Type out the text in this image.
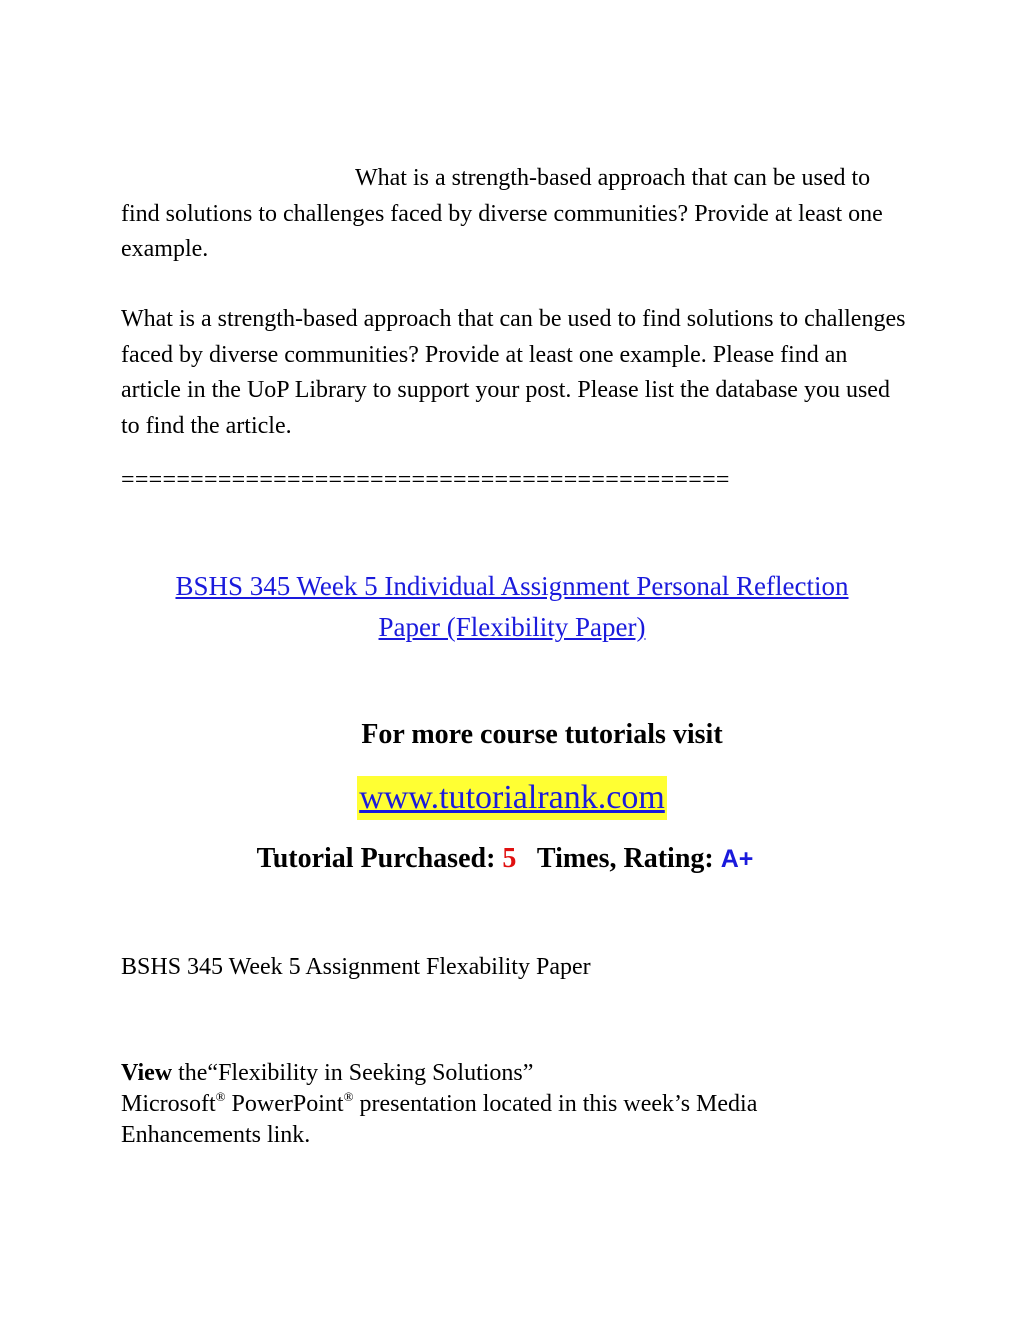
What is a strength-based approach that can be used to find solutions to challenges faced by diverse communities? Provide at least one example.

What is a strength-based approach that can be used to find solutions to challenges faced by diverse communities? Provide at least one example. Please find an article in the UoP Library to support your post. Please list the database you used to find the article.

============================================

BSHS 345 Week 5 Individual Assignment Personal Reflection
Paper (Flexibility Paper)
For more course tutorials visit
www.tutorialrank.com
Tutorial Purchased: 5 Times, Rating: A+

BSHS 345 Week 5 Assignment Flexability Paper

View the“Flexibility in Seeking Solutions”
Microsoft® PowerPoint® presentation located in this week’s Media
Enhancements link.
